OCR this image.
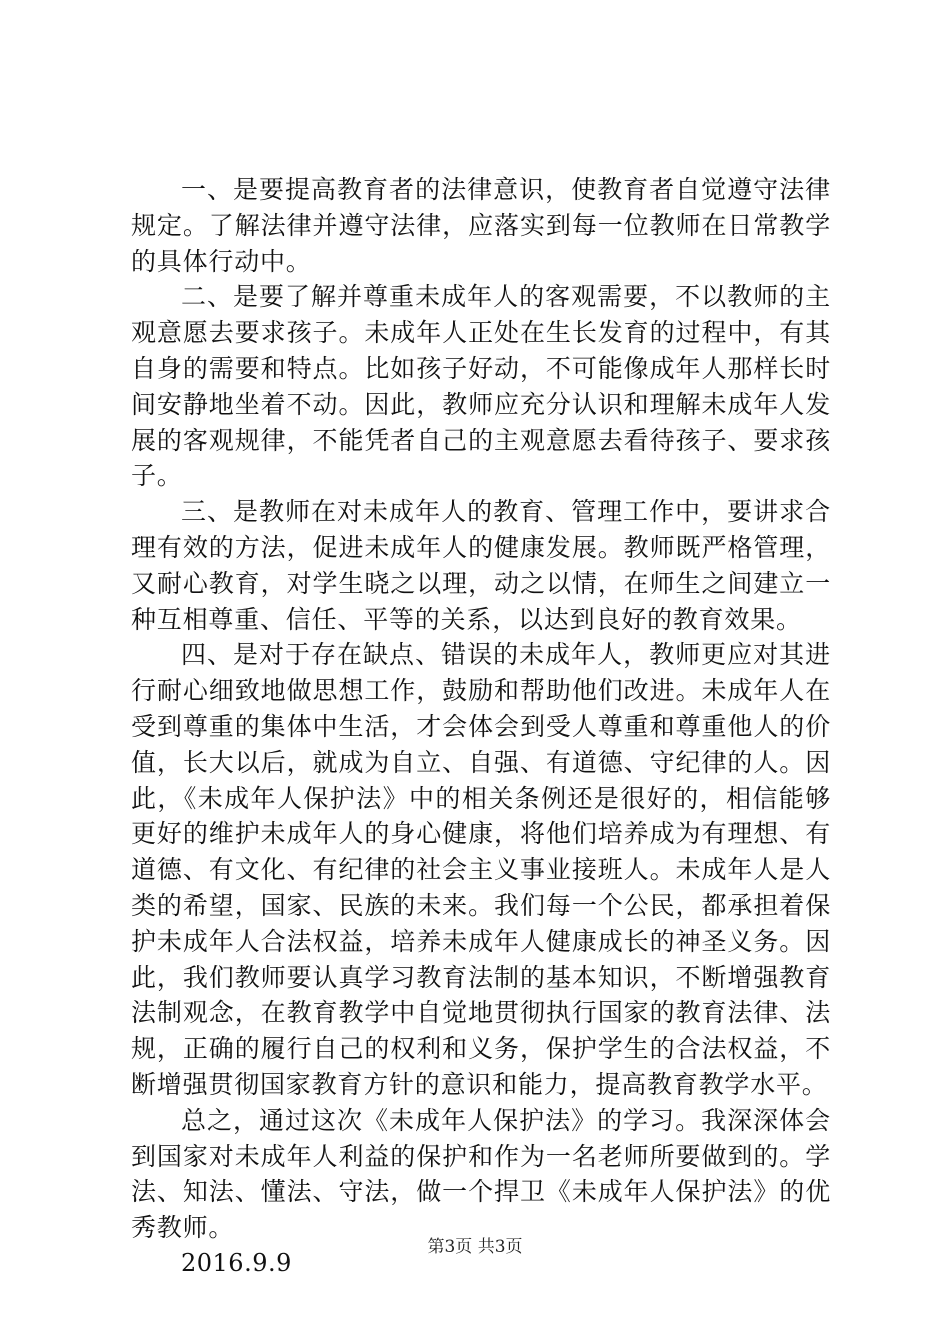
一、是要提高教育者的法律意识，使教育者自觉遵守法律规定。了解法律并遵守法律，应落实到每一位教师在日常教学的具体行动中。

二、是要了解并尊重未成年人的客观需要，不以教师的主观意愿去要求孩子。未成年人正处在生长发育的过程中，有其自身的需要和特点。比如孩子好动，不可能像成年人那样长时间安静地坐着不动。因此，教师应充分认识和理解未成年人发展的客观规律，不能凭者自己的主观意愿去看待孩子、要求孩子。

三、是教师在对未成年人的教育、管理工作中，要讲求合理有效的方法，促进未成年人的健康发展。教师既严格管理，又耐心教育，对学生晓之以理，动之以情，在师生之间建立一种互相尊重、信任、平等的关系，以达到良好的教育效果。

四、是对于存在缺点、错误的未成年人，教师更应对其进行耐心细致地做思想工作，鼓励和帮助他们改进。未成年人在受到尊重的集体中生活，才会体会到受人尊重和尊重他人的价值，长大以后，就成为自立、自强、有道德、守纪律的人。因此，《未成年人保护法》中的相关条例还是很好的，相信能够更好的维护未成年人的身心健康，将他们培养成为有理想、有道德、有文化、有纪律的社会主义事业接班人。未成年人是人类的希望，国家、民族的未来。我们每一个公民，都承担着保护未成年人合法权益，培养未成年人健康成长的神圣义务。因此，我们教师要认真学习教育法制的基本知识，不断增强教育法制观念，在教育教学中自觉地贯彻执行国家的教育法律、法规，正确的履行自己的权利和义务，保护学生的合法权益，不断增强贯彻国家教育方针的意识和能力，提高教育教学水平。

总之，通过这次《未成年人保护法》的学习。我深深体会到国家对未成年人利益的保护和作为一名老师所要做到的。学法、知法、懂法、守法，做一个捍卫《未成年人保护法》的优秀教师。

2016.9.9

第3页 共3页
